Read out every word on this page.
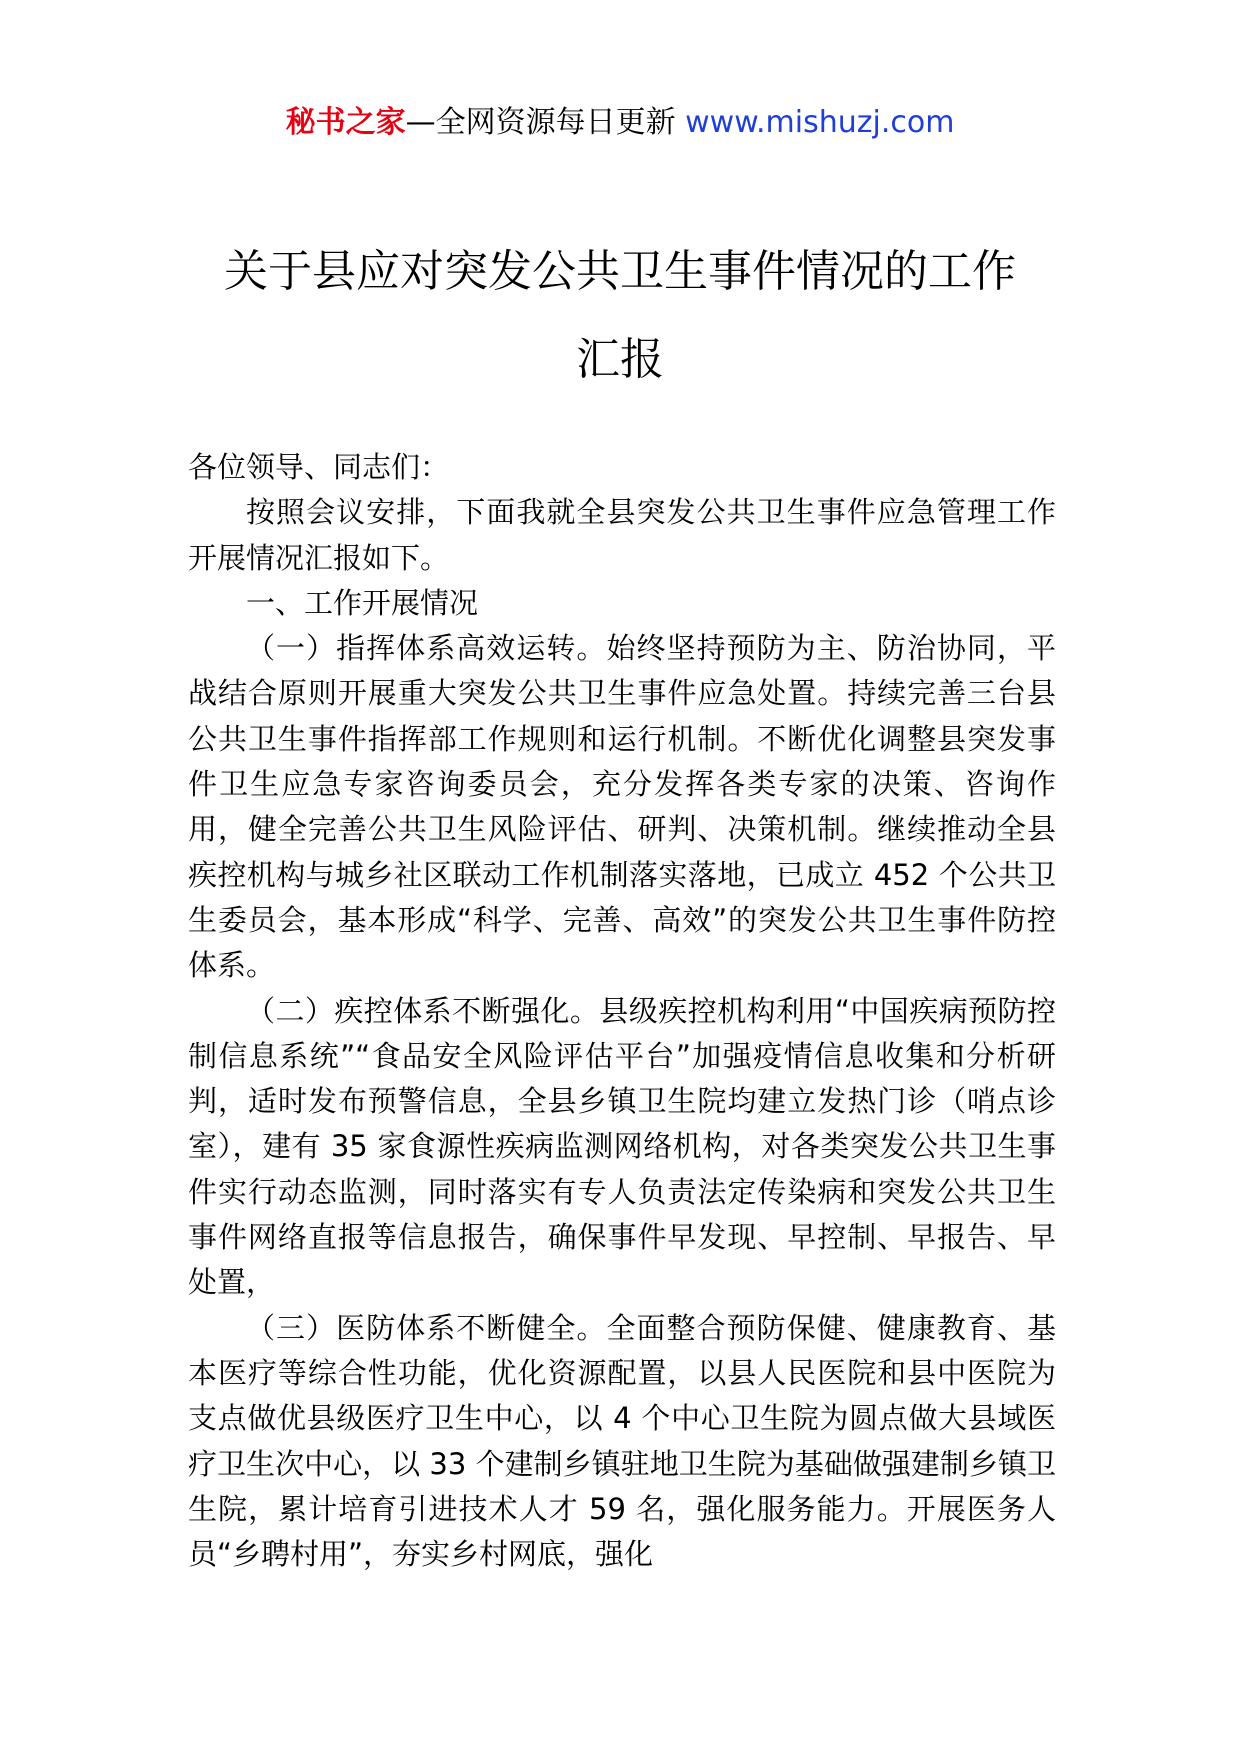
秘书之家—全网资源每日更新 www.mishuzj.com
关于县应对突发公共卫生事件情况的工作
汇报

各位领导、同志们：

按照会议安排，下面我就全县突发公共卫生事件应急管理工作开展情况汇报如下。

一、工作开展情况

（一）指挥体系高效运转。始终坚持预防为主、防治协同，平战结合原则开展重大突发公共卫生事件应急处置。持续完善三台县公共卫生事件指挥部工作规则和运行机制。不断优化调整县突发事件卫生应急专家咨询委员会，充分发挥各类专家的决策、咨询作用，健全完善公共卫生风险评估、研判、决策机制。继续推动全县疾控机构与城乡社区联动工作机制落实落地，已成立 452 个公共卫生委员会，基本形成“科学、完善、高效”的突发公共卫生事件防控体系。

（二）疾控体系不断强化。县级疾控机构利用“中国疾病预防控制信息系统”“食品安全风险评估平台”加强疫情信息收集和分析研判，适时发布预警信息，全县乡镇卫生院均建立发热门诊（哨点诊室），建有 35 家食源性疾病监测网络机构，对各类突发公共卫生事件实行动态监测，同时落实有专人负责法定传染病和突发公共卫生事件网络直报等信息报告，确保事件早发现、早控制、早报告、早处置，

（三）医防体系不断健全。全面整合预防保健、健康教育、基本医疗等综合性功能，优化资源配置，以县人民医院和县中医院为支点做优县级医疗卫生中心，以 4 个中心卫生院为圆点做大县域医疗卫生次中心，以 33 个建制乡镇驻地卫生院为基础做强建制乡镇卫生院，累计培育引进技术人才 59 名，强化服务能力。开展医务人员“乡聘村用”，夯实乡村网底，强化
